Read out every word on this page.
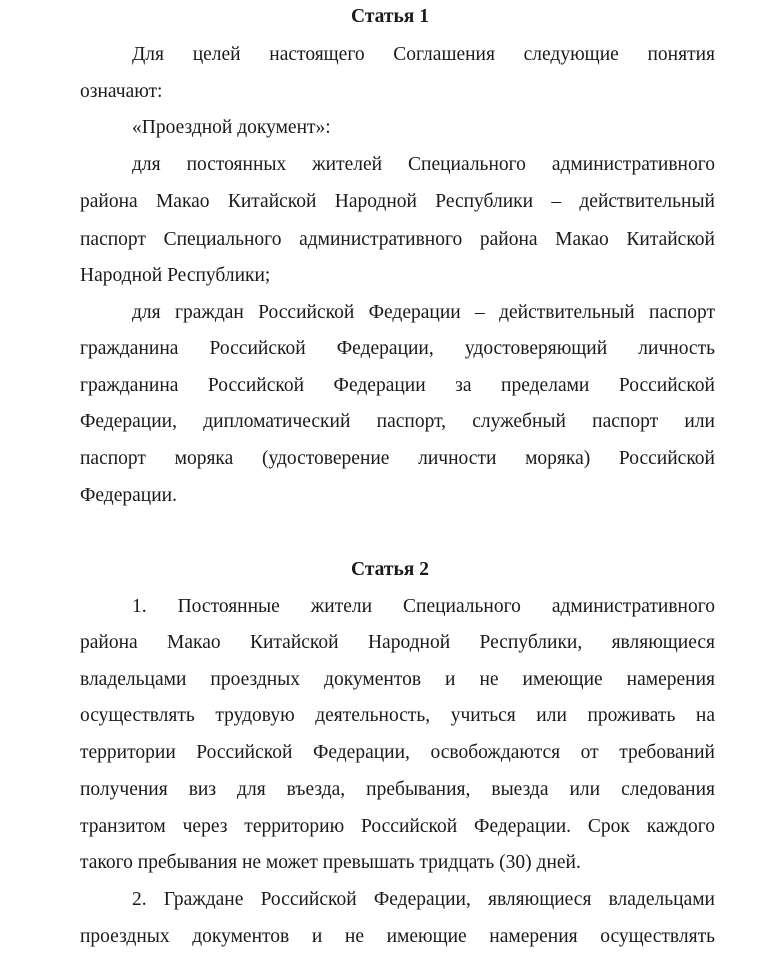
Статья 1
Для целей настоящего Соглашения следующие понятия
означают:
«Проездной документ»:
для постоянных жителей Специального административного
района Макао Китайской Народной Республики – действительный
паспорт Специального административного района Макао Китайской
Народной Республики;
для граждан Российской Федерации – действительный паспорт
гражданина Российской Федерации, удостоверяющий личность
гражданина Российской Федерации за пределами Российской
Федерации, дипломатический паспорт, служебный паспорт или
паспорт моряка (удостоверение личности моряка) Российской
Федерации.
Статья 2
1. Постоянные жители Специального административного
района Макао Китайской Народной Республики, являющиеся
владельцами проездных документов и не имеющие намерения
осуществлять трудовую деятельность, учиться или проживать на
территории Российской Федерации, освобождаются от требований
получения виз для въезда, пребывания, выезда или следования
транзитом через территорию Российской Федерации. Срок каждого
такого пребывания не может превышать тридцать (30) дней.
2. Граждане Российской Федерации, являющиеся владельцами
проездных документов и не имеющие намерения осуществлять
